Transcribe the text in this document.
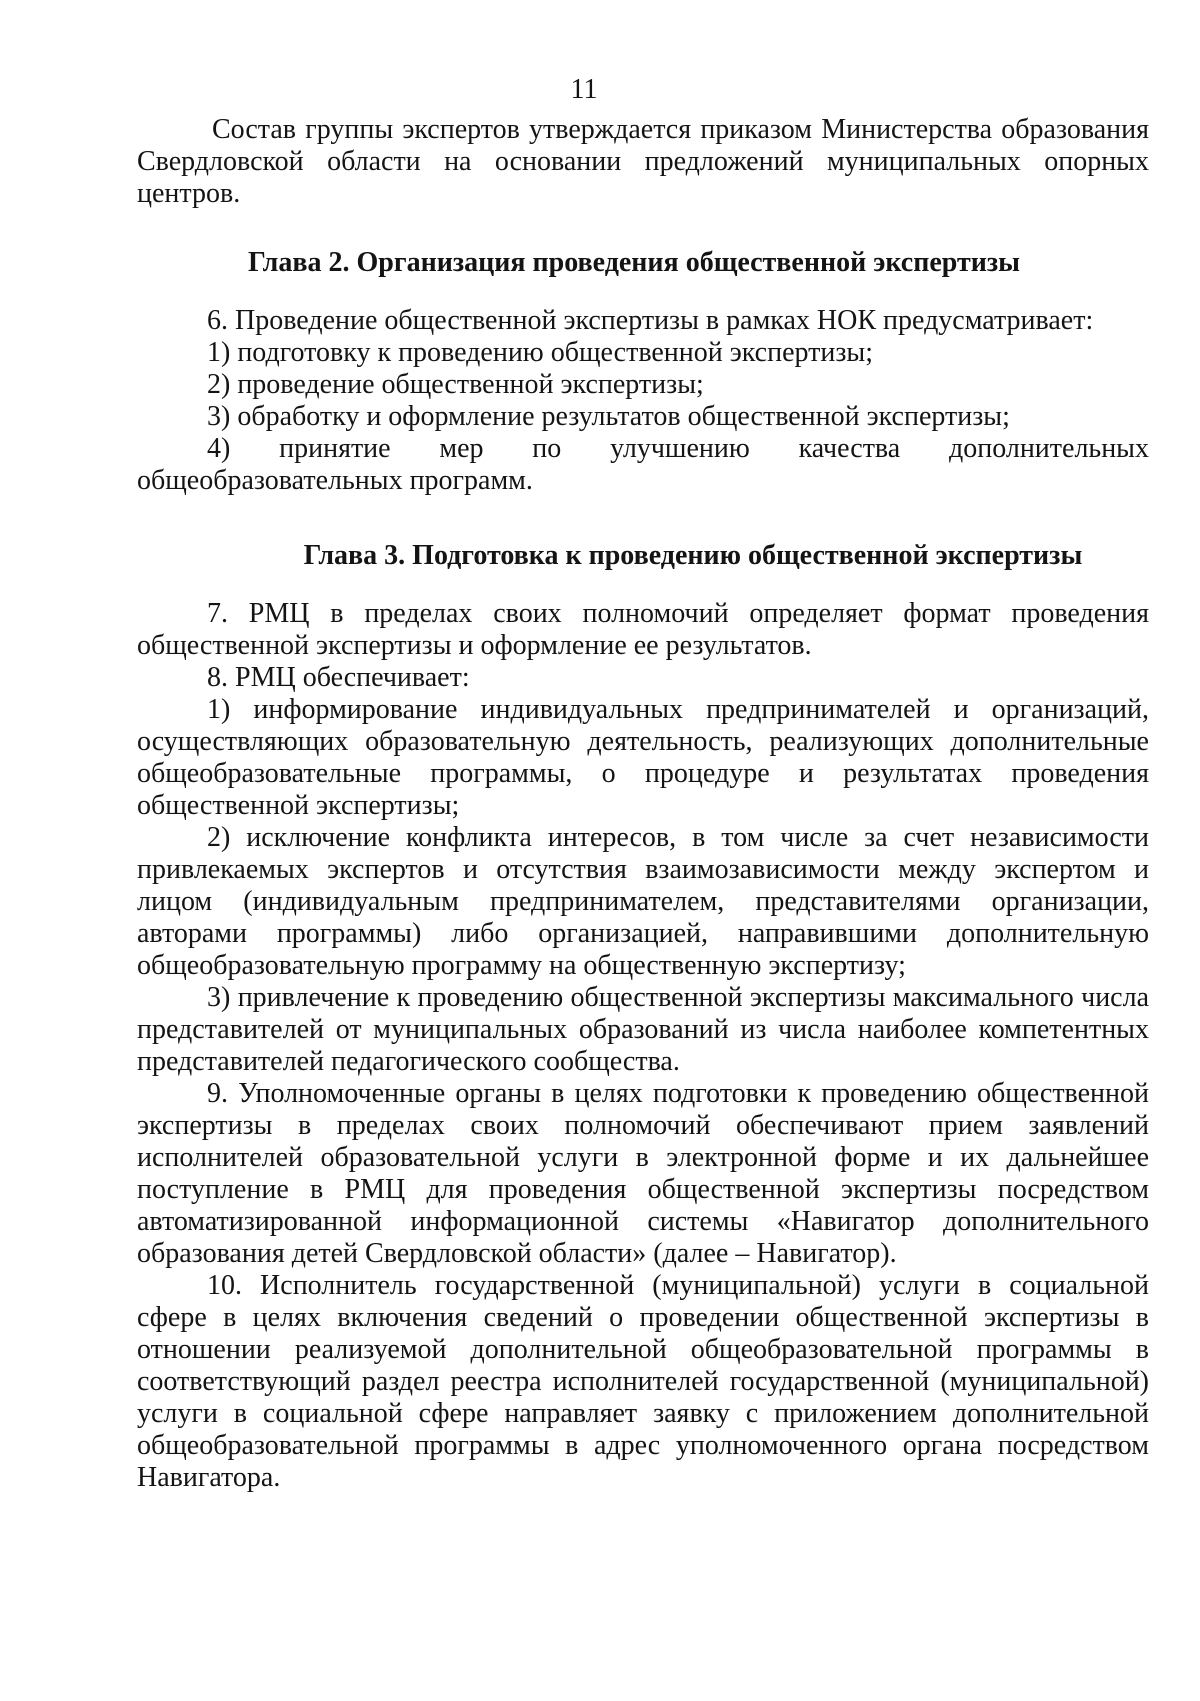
11

Состав группы экспертов утверждается приказом Министерства образования Свердловской области на основании предложений муниципальных опорных центров.

Глава 2. Организация проведения общественной экспертизы

6. Проведение общественной экспертизы в рамках НОК предусматривает:

1) подготовку к проведению общественной экспертизы;

2) проведение общественной экспертизы;

3) обработку и оформление результатов общественной экспертизы;

4) принятие мер по улучшению качества дополнительных общеобразовательных программ.

Глава 3. Подготовка к проведению общественной экспертизы

7. РМЦ в пределах своих полномочий определяет формат проведения общественной экспертизы и оформление ее результатов.

8. РМЦ обеспечивает:

1) информирование индивидуальных предпринимателей и организаций, осуществляющих образовательную деятельность, реализующих дополнительные общеобразовательные программы, о процедуре и результатах проведения общественной экспертизы;

2) исключение конфликта интересов, в том числе за счет независимости привлекаемых экспертов и отсутствия взаимозависимости между экспертом и лицом (индивидуальным предпринимателем, представителями организации, авторами программы) либо организацией, направившими дополнительную общеобразовательную программу на общественную экспертизу;

3) привлечение к проведению общественной экспертизы максимального числа представителей от муниципальных образований из числа наиболее компетентных представителей педагогического сообщества.

9. Уполномоченные органы в целях подготовки к проведению общественной экспертизы в пределах своих полномочий обеспечивают прием заявлений исполнителей образовательной услуги в электронной форме и их дальнейшее поступление в РМЦ для проведения общественной экспертизы посредством автоматизированной информационной системы «Навигатор дополнительного образования детей Свердловской области» (далее – Навигатор).

10. Исполнитель государственной (муниципальной) услуги в социальной сфере в целях включения сведений о проведении общественной экспертизы в отношении реализуемой дополнительной общеобразовательной программы в соответствующий раздел реестра исполнителей государственной (муниципальной) услуги в социальной сфере направляет заявку с приложением дополнительной общеобразовательной программы в адрес уполномоченного органа посредством Навигатора.
